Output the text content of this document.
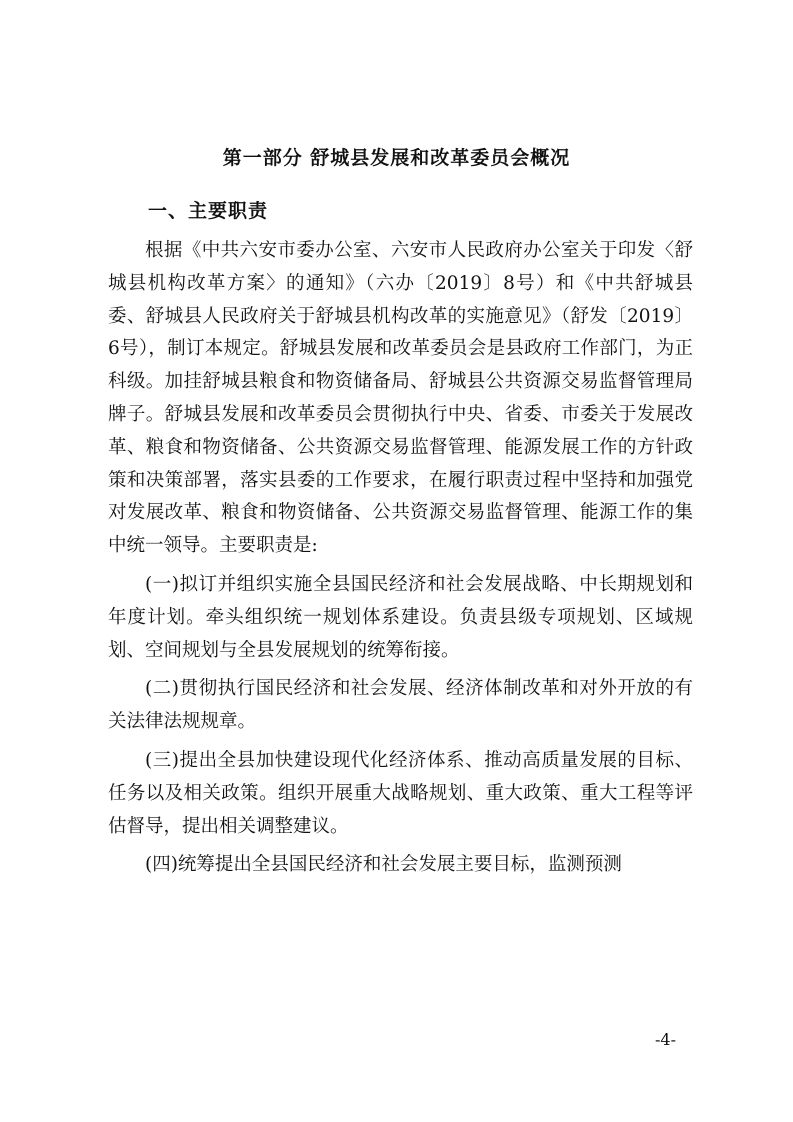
第一部分 舒城县发展和改革委员会概况
一、主要职责

根据《中共六安市委办公室、六安市人民政府办公室关于印发〈舒城县机构改革方案〉的通知》（六办〔2019〕8号）和《中共舒城县委、舒城县人民政府关于舒城县机构改革的实施意见》（舒发〔2019〕6号），制订本规定。舒城县发展和改革委员会是县政府工作部门，为正科级。加挂舒城县粮食和物资储备局、舒城县公共资源交易监督管理局牌子。舒城县发展和改革委员会贯彻执行中央、省委、市委关于发展改革、粮食和物资储备、公共资源交易监督管理、能源发展工作的方针政策和决策部署，落实县委的工作要求，在履行职责过程中坚持和加强党对发展改革、粮食和物资储备、公共资源交易监督管理、能源工作的集中统一领导。主要职责是:

(一)拟订并组织实施全县国民经济和社会发展战略、中长期规划和年度计划。牵头组织统一规划体系建设。负责县级专项规划、区域规划、空间规划与全县发展规划的统筹衔接。

(二)贯彻执行国民经济和社会发展、经济体制改革和对外开放的有关法律法规规章。

(三)提出全县加快建设现代化经济体系、推动高质量发展的目标、任务以及相关政策。组织开展重大战略规划、重大政策、重大工程等评估督导，提出相关调整建议。

(四)统筹提出全县国民经济和社会发展主要目标，监测预测

-4-
